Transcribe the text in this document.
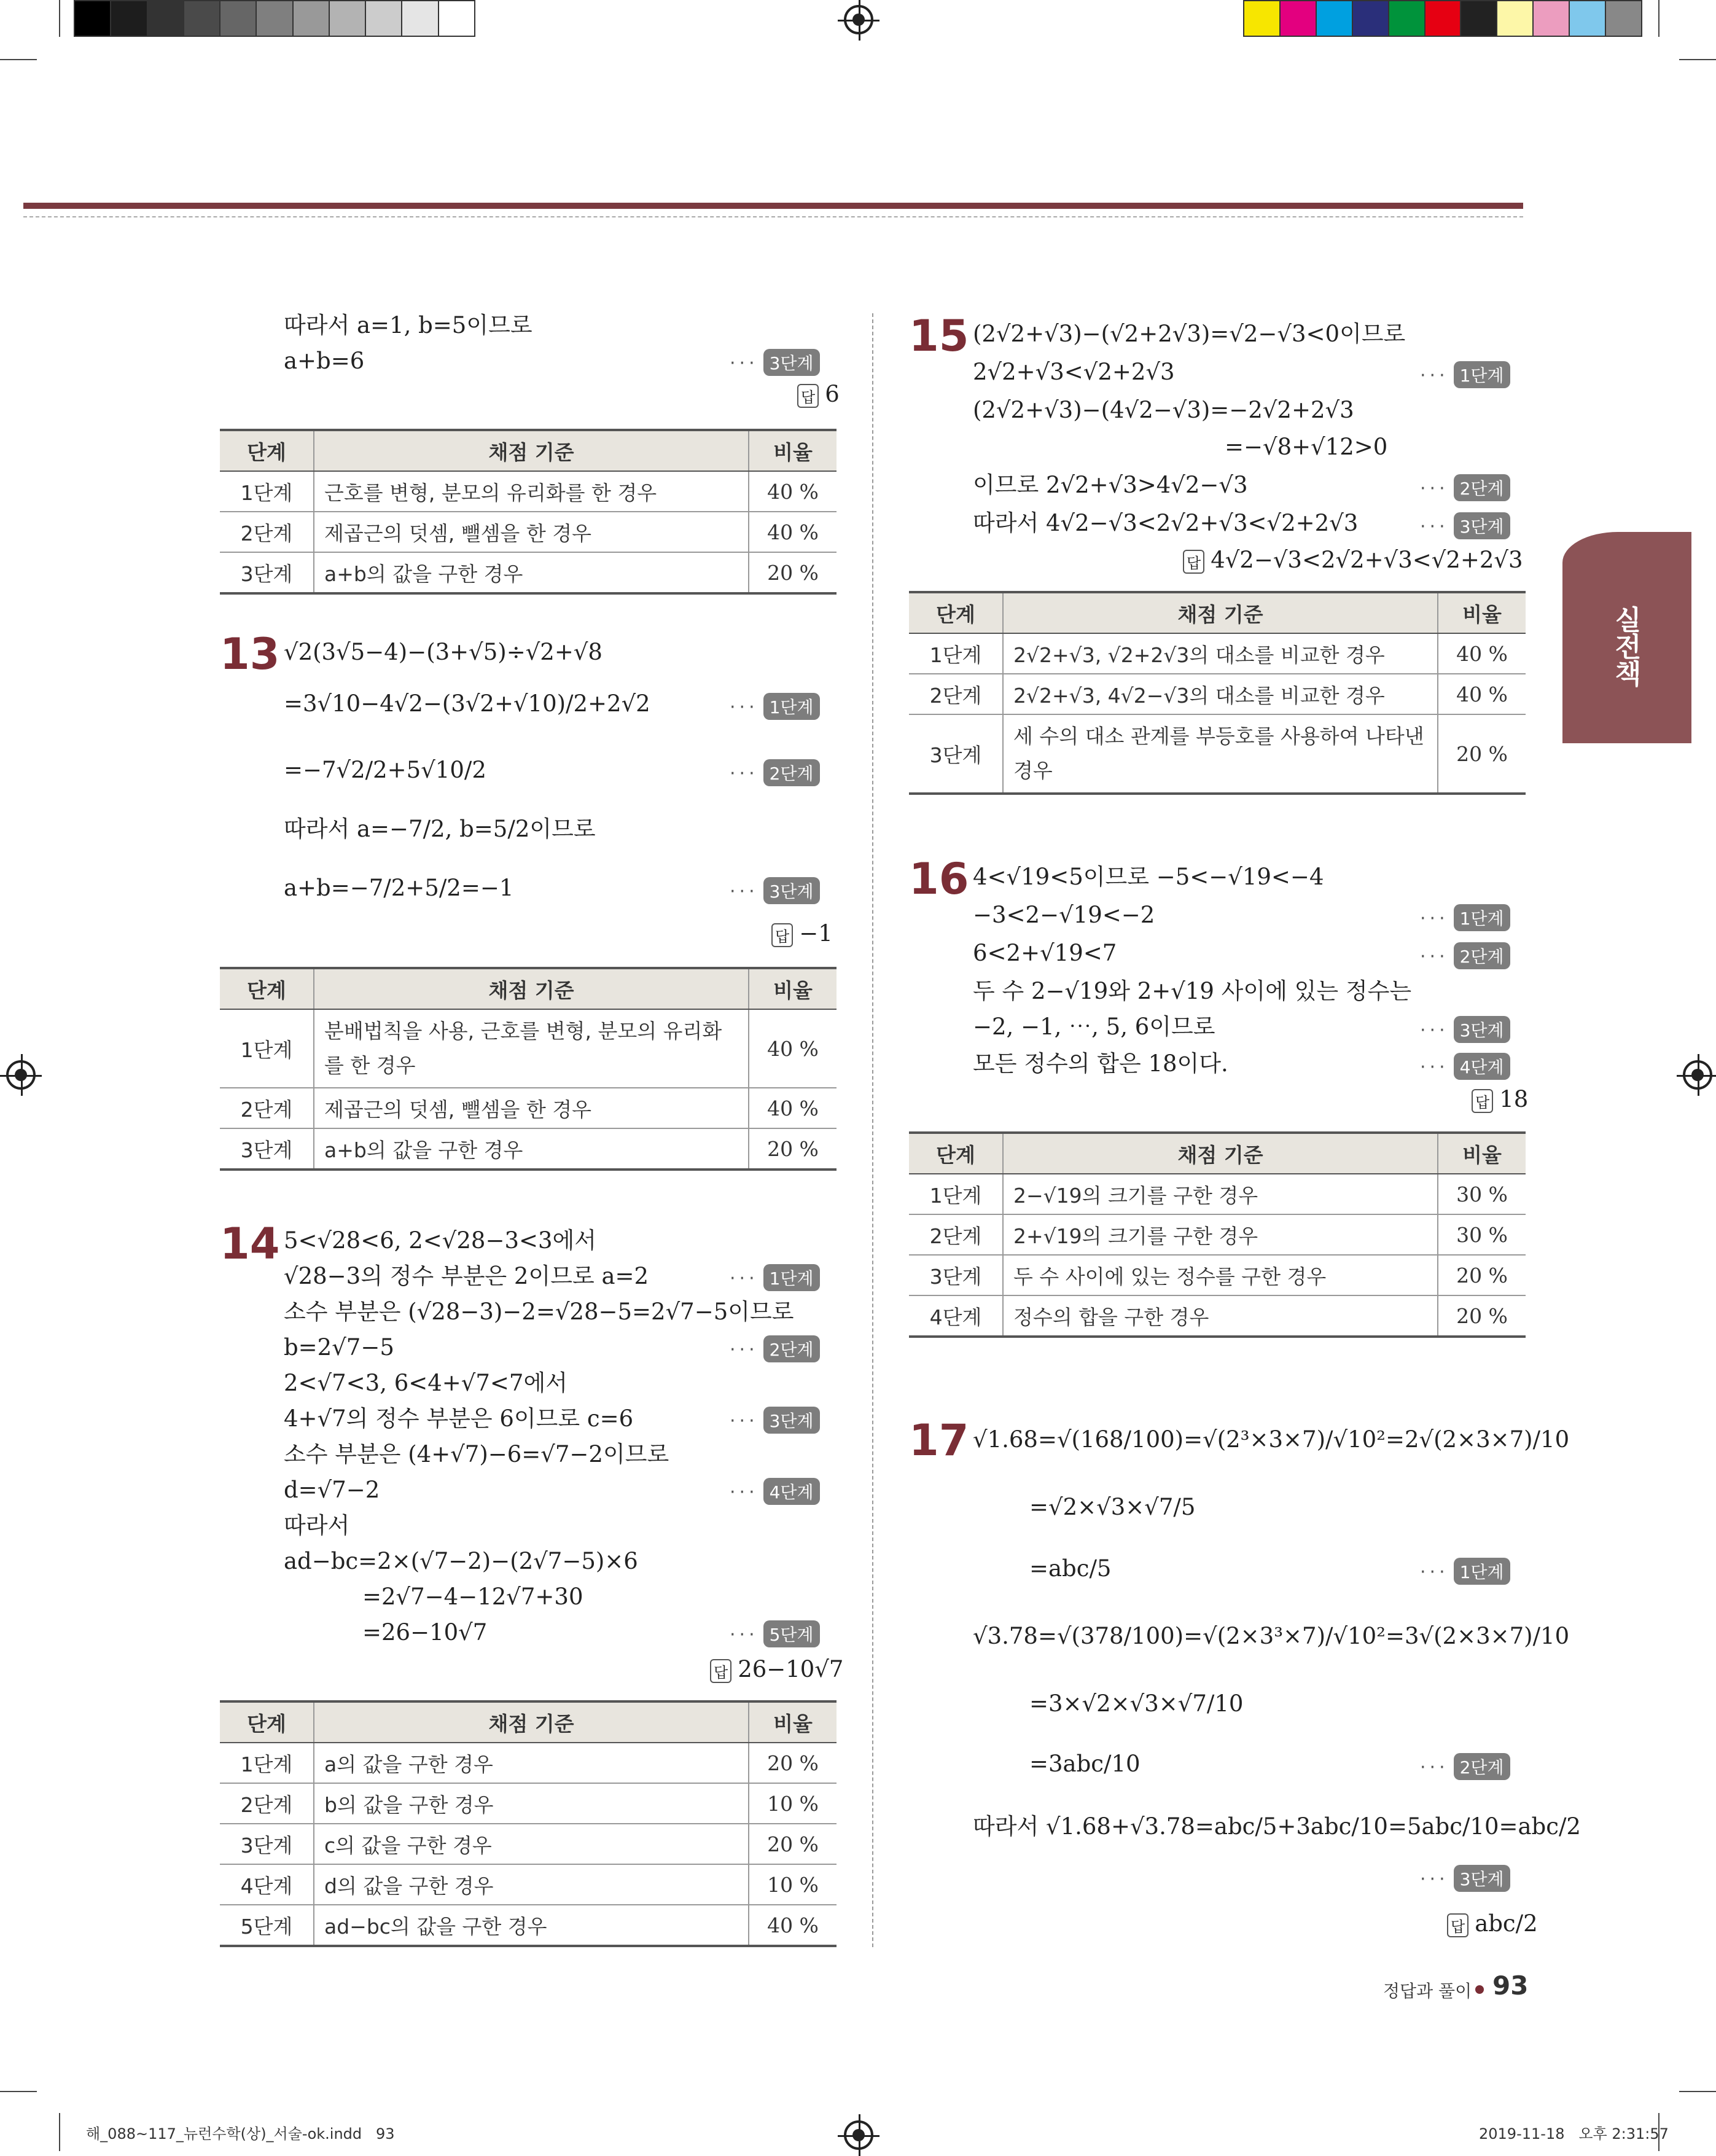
실전책
따라서 a=1, b=5이므로
a+b=6	··· 3단계
답 6
단계	채점 기준	비율
1단계	근호를 변형, 분모의 유리화를 한 경우	40 %
2단계	제곱근의 덧셈, 뺄셈을 한 경우	40 %
3단계	a+b의 값을 구한 경우	20 %
13 √2(3√5−4)−(3+√5)÷√2+√8
=3√10−4√2−(3√2+√10)/2+2√2	··· 1단계
=−7√2/2+5√10/2	··· 2단계
따라서 a=−7/2, b=5/2이므로
a+b=−7/2+5/2=−1	··· 3단계
답 −1
단계	채점 기준	비율
1단계	분배법칙을 사용, 근호를 변형, 분모의 유리화를 한 경우	40 %
2단계	제곱근의 덧셈, 뺄셈을 한 경우	40 %
3단계	a+b의 값을 구한 경우	20 %
14 5<√28<6, 2<√28−3<3에서
√28−3의 정수 부분은 2이므로 a=2	··· 1단계
소수 부분은 (√28−3)−2=√28−5=2√7−5이므로
b=2√7−5	··· 2단계
2<√7<3, 6<4+√7<7에서
4+√7의 정수 부분은 6이므로 c=6	··· 3단계
소수 부분은 (4+√7)−6=√7−2이므로
d=√7−2	··· 4단계
따라서
ad−bc=2×(√7−2)−(2√7−5)×6
=2√7−4−12√7+30
=26−10√7	··· 5단계
답 26−10√7
단계	채점 기준	비율
1단계	a의 값을 구한 경우	20 %
2단계	b의 값을 구한 경우	10 %
3단계	c의 값을 구한 경우	20 %
4단계	d의 값을 구한 경우	10 %
5단계	ad−bc의 값을 구한 경우	40 %
15 (2√2+√3)−(√2+2√3)=√2−√3<0이므로
2√2+√3<√2+2√3	··· 1단계
(2√2+√3)−(4√2−√3)=−2√2+2√3
=−√8+√12>0
이므로 2√2+√3>4√2−√3	··· 2단계
따라서 4√2−√3<2√2+√3<√2+2√3	··· 3단계
답 4√2−√3<2√2+√3<√2+2√3
단계	채점 기준	비율
1단계	2√2+√3, √2+2√3의 대소를 비교한 경우	40 %
2단계	2√2+√3, 4√2−√3의 대소를 비교한 경우	40 %
3단계	세 수의 대소 관계를 부등호를 사용하여 나타낸 경우	20 %
16 4<√19<5이므로 −5<−√19<−4
−3<2−√19<−2	··· 1단계
6<2+√19<7	··· 2단계
두 수 2−√19와 2+√19 사이에 있는 정수는
−2, −1, ⋯, 5, 6이므로	··· 3단계
모든 정수의 합은 18이다.	··· 4단계
답 18
단계	채점 기준	비율
1단계	2−√19의 크기를 구한 경우	30 %
2단계	2+√19의 크기를 구한 경우	30 %
3단계	두 수 사이에 있는 정수를 구한 경우	20 %
4단계	정수의 합을 구한 경우	20 %
17 √1.68=√(168/100)=√(2³×3×7)/√10²=2√(2×3×7)/10
=√2×√3×√7/5
=abc/5	··· 1단계
√3.78=√(378/100)=√(2×3³×7)/√10²=3√(2×3×7)/10
=3×√2×√3×√7/10
=3abc/10	··· 2단계
따라서 √1.68+√3.78=abc/5+3abc/10=5abc/10=abc/2
··· 3단계
답 abc/2
정답과 풀이 93
해_088~117_뉴런수학(상)_서술-ok.indd   93	2019-11-18   오후 2:31:57
